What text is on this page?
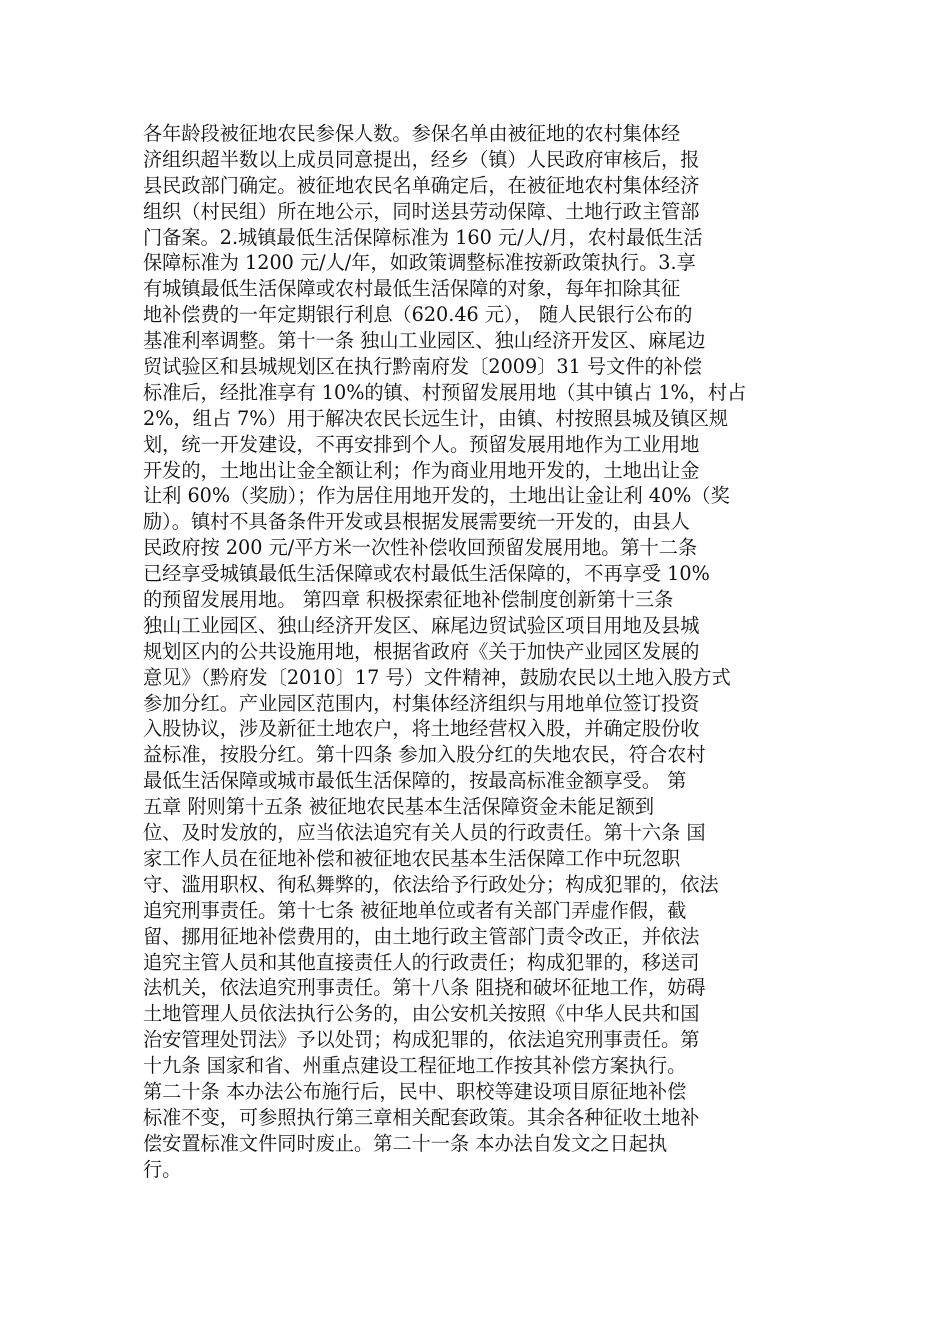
各年龄段被征地农民参保人数。参保名单由被征地的农村集体经
济组织超半数以上成员同意提出，经乡（镇）人民政府审核后，报
县民政部门确定。被征地农民名单确定后，在被征地农村集体经济
组织（村民组）所在地公示，同时送县劳动保障、土地行政主管部
门备案。2.城镇最低生活保障标准为 160 元/人/月，农村最低生活
保障标准为 1200 元/人/年，如政策调整标准按新政策执行。3.享
有城镇最低生活保障或农村最低生活保障的对象，每年扣除其征
地补偿费的一年定期银行利息（620.46 元）， 随人民银行公布的
基准利率调整。第十一条 独山工业园区、独山经济开发区、麻尾边
贸试验区和县城规划区在执行黔南府发〔2009〕31 号文件的补偿
标准后，经批准享有 10%的镇、村预留发展用地（其中镇占 1%，村占
2%，组占 7%）用于解决农民长远生计，由镇、村按照县城及镇区规
划，统一开发建设，不再安排到个人。预留发展用地作为工业用地
开发的，土地出让金全额让利；作为商业用地开发的，土地出让金
让利 60%（奖励）；作为居住用地开发的，土地出让金让利 40%（奖
励）。镇村不具备条件开发或县根据发展需要统一开发的，由县人
民政府按 200 元/平方米一次性补偿收回预留发展用地。第十二条
已经享受城镇最低生活保障或农村最低生活保障的，不再享受 10%
的预留发展用地。 第四章 积极探索征地补偿制度创新第十三条
独山工业园区、独山经济开发区、麻尾边贸试验区项目用地及县城
规划区内的公共设施用地，根据省政府《关于加快产业园区发展的
意见》（黔府发〔2010〕17 号）文件精神，鼓励农民以土地入股方式
参加分红。产业园区范围内，村集体经济组织与用地单位签订投资
入股协议，涉及新征土地农户，将土地经营权入股，并确定股份收
益标准，按股分红。第十四条 参加入股分红的失地农民，符合农村
最低生活保障或城市最低生活保障的，按最高标准金额享受。 第
五章 附则第十五条 被征地农民基本生活保障资金未能足额到
位、及时发放的，应当依法追究有关人员的行政责任。第十六条 国
家工作人员在征地补偿和被征地农民基本生活保障工作中玩忽职
守、滥用职权、徇私舞弊的，依法给予行政处分；构成犯罪的，依法
追究刑事责任。第十七条 被征地单位或者有关部门弄虚作假，截
留、挪用征地补偿费用的，由土地行政主管部门责令改正，并依法
追究主管人员和其他直接责任人的行政责任；构成犯罪的，移送司
法机关，依法追究刑事责任。第十八条 阻挠和破坏征地工作，妨碍
土地管理人员依法执行公务的，由公安机关按照《中华人民共和国
治安管理处罚法》予以处罚；构成犯罪的，依法追究刑事责任。第
十九条 国家和省、州重点建设工程征地工作按其补偿方案执行。
第二十条 本办法公布施行后，民中、职校等建设项目原征地补偿
标准不变，可参照执行第三章相关配套政策。其余各种征收土地补
偿安置标准文件同时废止。第二十一条 本办法自发文之日起执
行。
